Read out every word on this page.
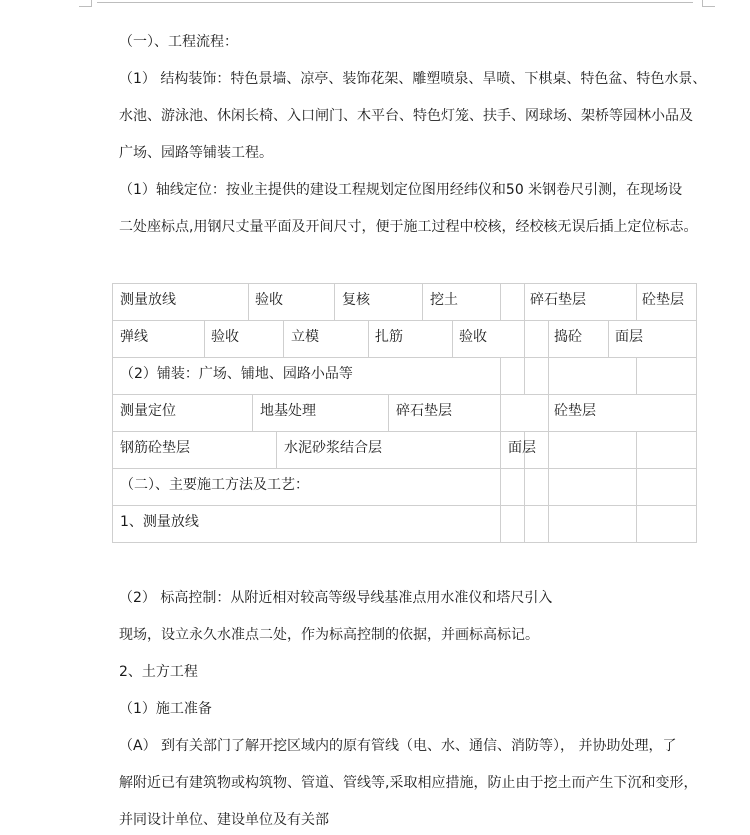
（一）、工程流程：
（1） 结构装饰：特色景墙、凉亭、装饰花架、雕塑喷泉、旱喷、下棋桌、特色盆、特色水景、
水池、游泳池、休闲长椅、入口闸门、木平台、特色灯笼、扶手、网球场、架桥等园林小品及
广场、园路等铺装工程。
（1）轴线定位：按业主提供的建设工程规划定位图用经纬仪和50 米钢卷尺引测，在现场设
二处座标点,用钢尺丈量平面及开间尺寸，便于施工过程中校核，经校核无误后插上定位标志。
测量放线	验收	复核	挖土	碎石垫层	砼垫层
弹线	验收	立模	扎筋	验收	捣砼 面层
（2）铺装：广场、铺地、园路小品等
测量定位	地基处理	碎石垫层	砼垫层
钢筋砼垫层	水泥砂浆结合层	面层
（二）、主要施工方法及工艺：
1、测量放线
（2） 标高控制：从附近相对较高等级导线基准点用水准仪和塔尺引入
现场，设立永久水准点二处，作为标高控制的依据，并画标高标记。
2、土方工程
（1）施工准备
（A） 到有关部门了解开挖区域内的原有管线（电、水、通信、消防等）， 并协助处理，了
解附近已有建筑物或构筑物、管道、管线等,采取相应措施，防止由于挖土而产生下沉和变形，
并同设计单位、建设单位及有关部
